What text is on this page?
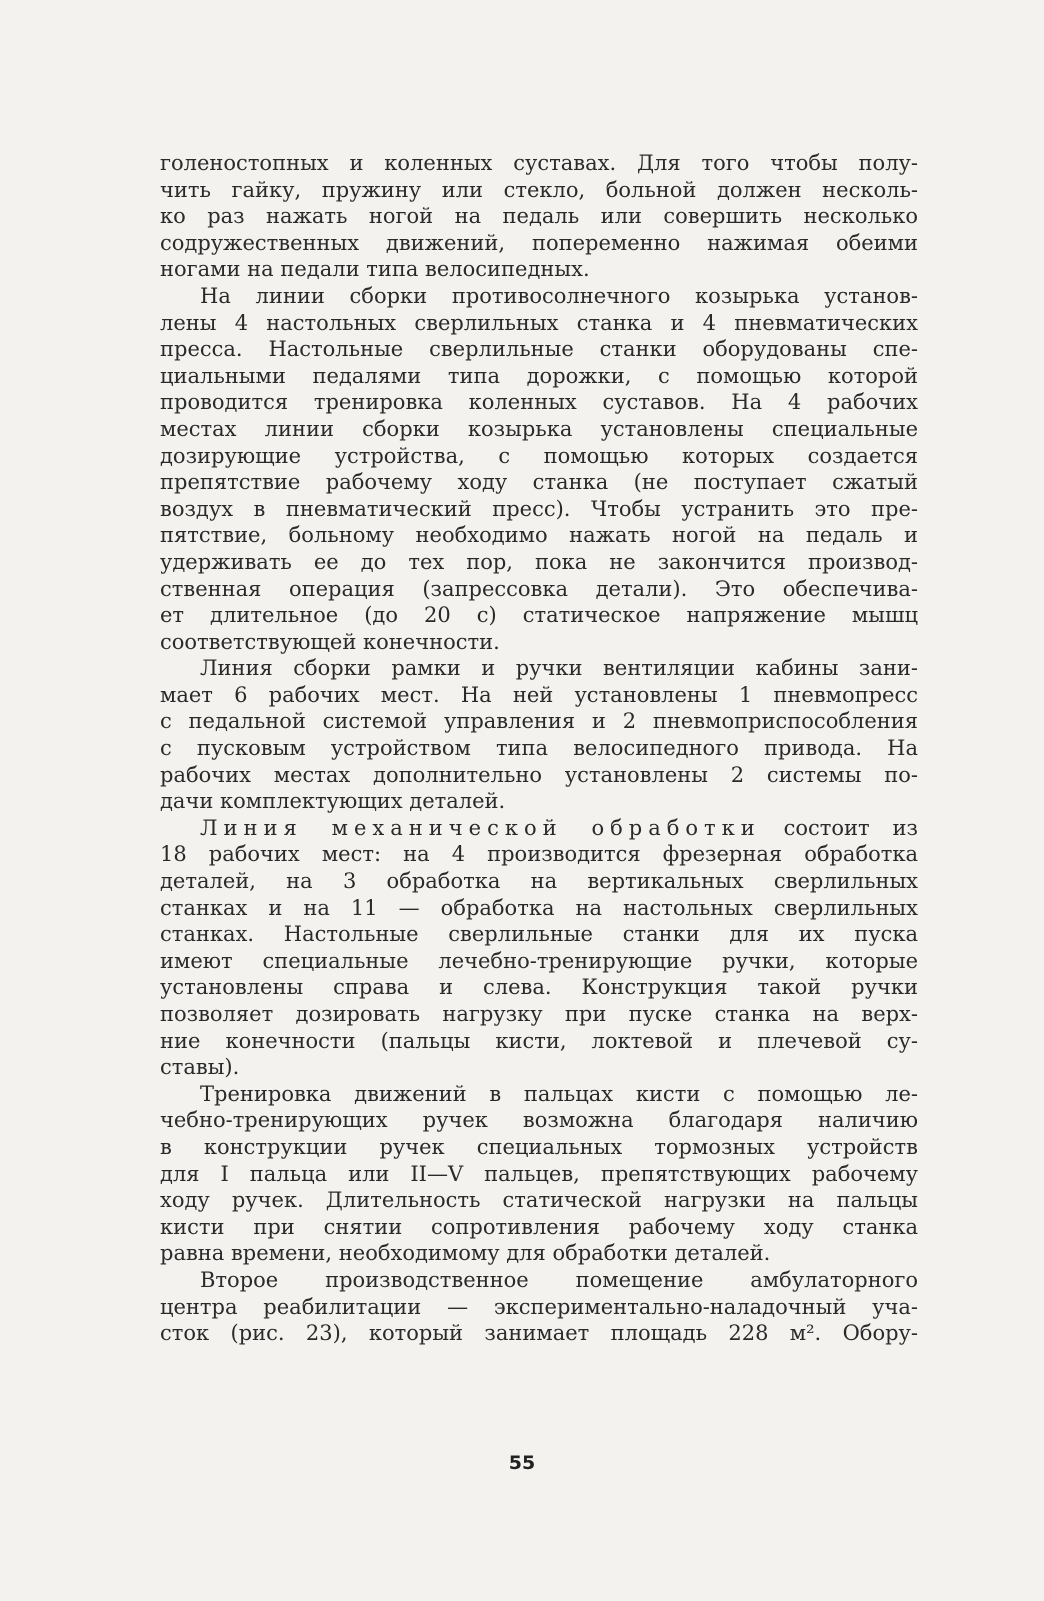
голеностопных и коленных суставах. Для того чтобы полу-
чить гайку, пружину или стекло, больной должен несколь-
ко раз нажать ногой на педаль или совершить несколько
содружественных движений, попеременно нажимая обеими
ногами на педали типа велосипедных.
На линии сборки противосолнечного козырька установ-
лены 4 настольных сверлильных станка и 4 пневматических
пресса. Настольные сверлильные станки оборудованы спе-
циальными педалями типа дорожки, с помощью которой
проводится тренировка коленных суставов. На 4 рабочих
местах линии сборки козырька установлены специальные
дозирующие устройства, с помощью которых создается
препятствие рабочему ходу станка (не поступает сжатый
воздух в пневматический пресс). Чтобы устранить это пре-
пятствие, больному необходимо нажать ногой на педаль и
удерживать ее до тех пор, пока не закончится производ-
ственная операция (запрессовка детали). Это обеспечива-
ет длительное (до 20 с) статическое напряжение мышц
соответствующей конечности.
Линия сборки рамки и ручки вентиляции кабины зани-
мает 6 рабочих мест. На ней установлены 1 пневмопресс
с педальной системой управления и 2 пневмоприспособления
с пусковым устройством типа велосипедного привода. На
рабочих местах дополнительно установлены 2 системы по-
дачи комплектующих деталей.
Линия механической обработки состоит из
18 рабочих мест: на 4 производится фрезерная обработка
деталей, на 3 обработка на вертикальных сверлильных
станках и на 11 — обработка на настольных сверлильных
станках. Настольные сверлильные станки для их пуска
имеют специальные лечебно-тренирующие ручки, которые
установлены справа и слева. Конструкция такой ручки
позволяет дозировать нагрузку при пуске станка на верх-
ние конечности (пальцы кисти, локтевой и плечевой су-
ставы).
Тренировка движений в пальцах кисти с помощью ле-
чебно-тренирующих ручек возможна благодаря наличию
в конструкции ручек специальных тормозных устройств
для I пальца или II—V пальцев, препятствующих рабочему
ходу ручек. Длительность статической нагрузки на пальцы
кисти при снятии сопротивления рабочему ходу станка
равна времени, необходимому для обработки деталей.
Второе производственное помещение амбулаторного
центра реабилитации — экспериментально-наладочный уча-
сток (рис. 23), который занимает площадь 228 м². Обору-
55
